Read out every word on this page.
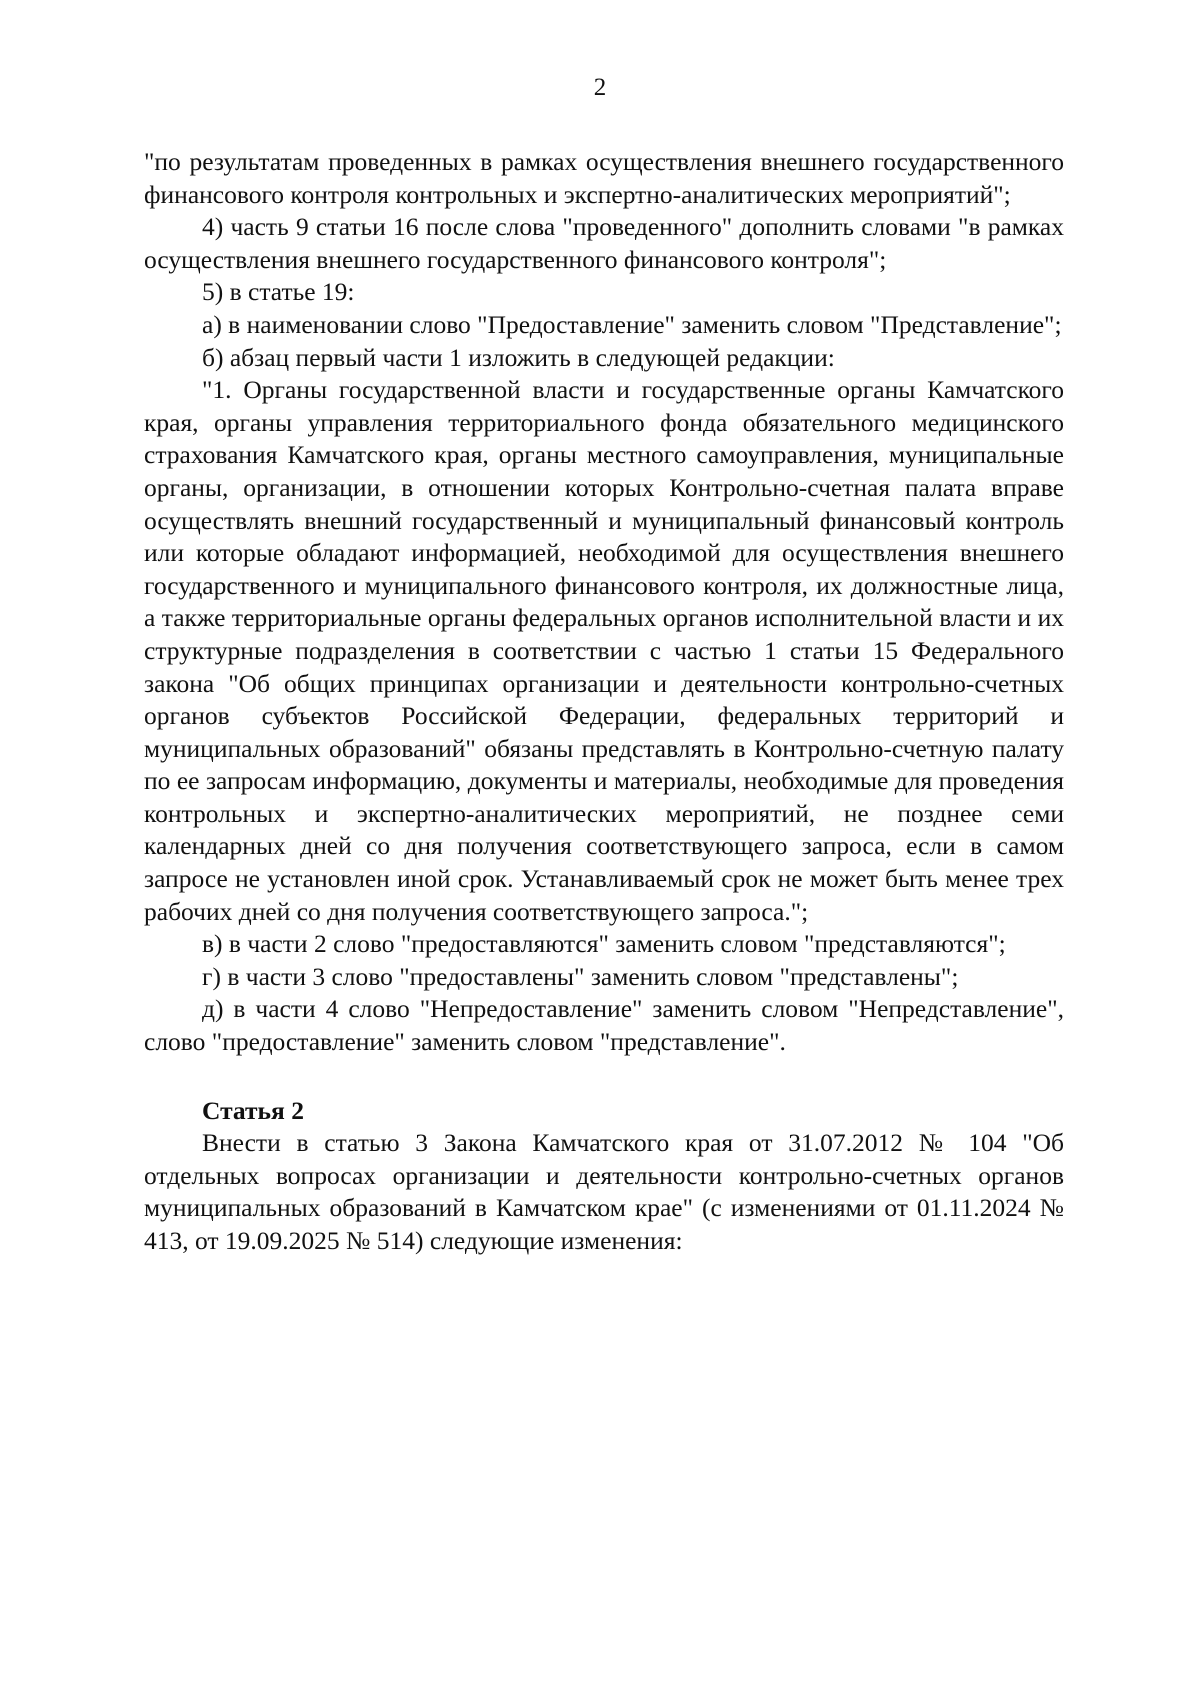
2

"по результатам проведенных в рамках осуществления внешнего государственного финансового контроля контрольных и экспертно-аналитических мероприятий";

4) часть 9 статьи 16 после слова "проведенного" дополнить словами "в рамках осуществления внешнего государственного финансового контроля";

5) в статье 19:

а) в наименовании слово "Предоставление" заменить словом "Представление";

б) абзац первый части 1 изложить в следующей редакции:

"1. Органы государственной власти и государственные органы Камчатского края, органы управления территориального фонда обязательного медицинского страхования Камчатского края, органы местного самоуправления, муниципальные органы, организации, в отношении которых Контрольно-счетная палата вправе осуществлять внешний государственный и муниципальный финансовый контроль или которые обладают информацией, необходимой для осуществления внешнего государственного и муниципального финансового контроля, их должностные лица, а также территориальные органы федеральных органов исполнительной власти и их структурные подразделения в соответствии с частью 1 статьи 15 Федерального закона "Об общих принципах организации и деятельности контрольно-счетных органов субъектов Российской Федерации, федеральных территорий и муниципальных образований" обязаны представлять в Контрольно-счетную палату по ее запросам информацию, документы и материалы, необходимые для проведения контрольных и экспертно-аналитических мероприятий, не позднее семи календарных дней со дня получения соответствующего запроса, если в самом запросе не установлен иной срок. Устанавливаемый срок не может быть менее трех рабочих дней со дня получения соответствующего запроса.";

в) в части 2 слово "предоставляются" заменить словом "представляются";

г) в части 3 слово "предоставлены" заменить словом "представлены";

д) в части 4 слово "Непредоставление" заменить словом "Непредставление", слово "предоставление" заменить словом "представление".

Статья 2

Внести в статью 3 Закона Камчатского края от 31.07.2012 № 104 "Об отдельных вопросах организации и деятельности контрольно-счетных органов муниципальных образований в Камчатском крае" (с изменениями от 01.11.2024 № 413, от 19.09.2025 № 514) следующие изменения:
